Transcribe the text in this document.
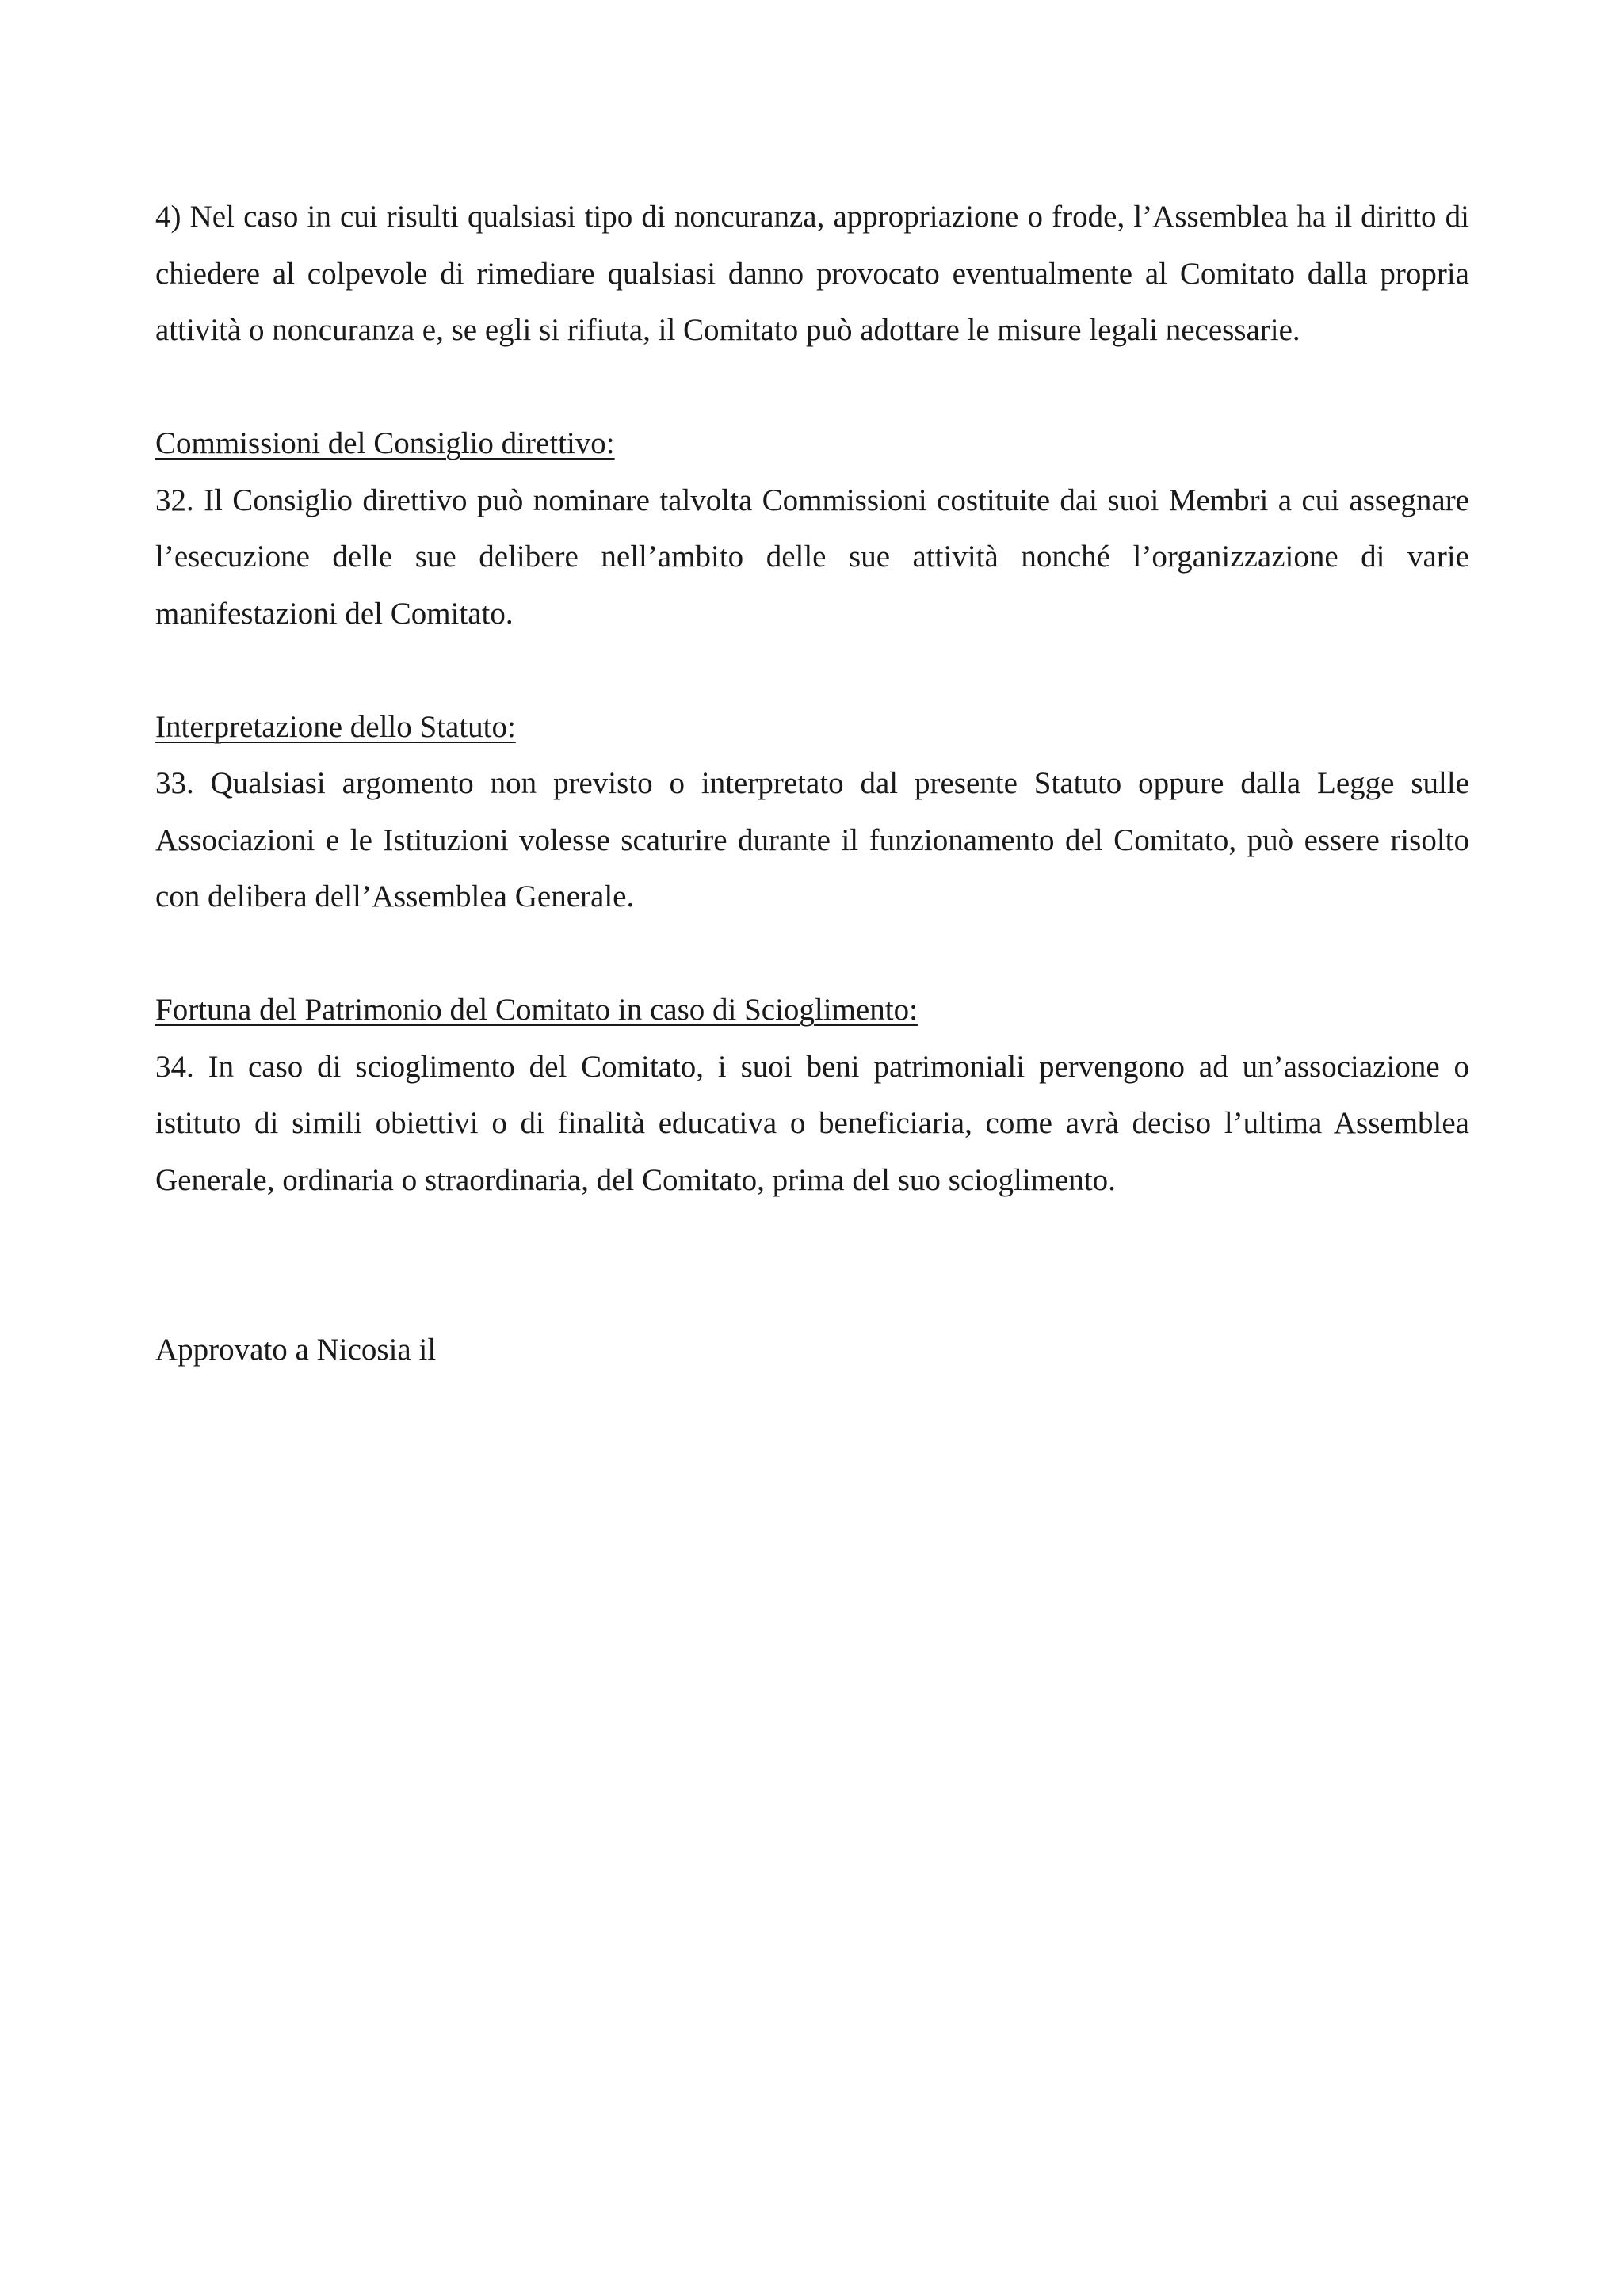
4) Nel caso in cui risulti qualsiasi tipo di noncuranza, appropriazione o frode, l’Assemblea ha il diritto di chiedere al colpevole di rimediare qualsiasi danno provocato eventualmente al Comitato dalla propria attività o noncuranza e, se egli si rifiuta, il Comitato può adottare le misure legali necessarie.

Commissioni del Consiglio direttivo:

32. Il Consiglio direttivo può nominare talvolta Commissioni costituite dai suoi Membri a cui assegnare l’esecuzione delle sue delibere nell’ambito delle sue attività nonché l’organizzazione di varie manifestazioni del Comitato.

Interpretazione dello Statuto:

33. Qualsiasi argomento non previsto o interpretato dal presente Statuto oppure dalla Legge sulle Associazioni e le Istituzioni volesse scaturire durante il funzionamento del Comitato, può essere risolto con delibera dell’Assemblea Generale.

Fortuna del Patrimonio del Comitato in caso di Scioglimento:

34. In caso di scioglimento del Comitato, i suoi beni patrimoniali pervengono ad un’associazione o istituto di simili obiettivi o di finalità educativa o beneficiaria, come avrà deciso l’ultima Assemblea Generale, ordinaria o straordinaria, del Comitato, prima del suo scioglimento.

Approvato a Nicosia il
